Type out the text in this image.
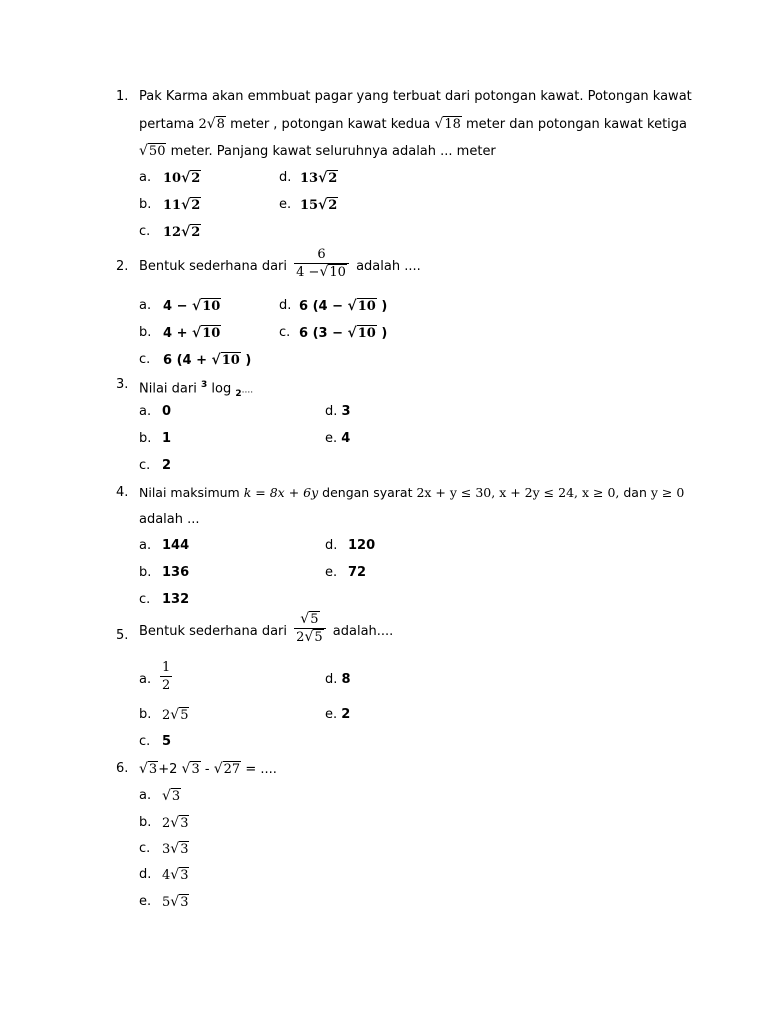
1. Pak Karma akan emmbuat pagar yang terbuat dari potongan kawat. Potongan kawat
pertama 2√8 meter , potongan kawat kedua √18 meter dan potongan kawat ketiga
√50 meter. Panjang kawat seluruhnya adalah ... meter
a. 10√2	d. 13√2
b. 11√2	e. 15√2
c. 12√2
2. Bentuk sederhana dari $\frac{6}{4 -√10}$ adalah ....
a. 4 − √10	d. 6 (4 − √10 )
b. 4 + √10	c. 6 (3 − √10 )
c. 6 (4 + √10 )
3. Nilai dari $^3$ log $_2$....
a. 0	d. 3
b. 1	e. 4
c. 2
4. Nilai maksimum k = 8x + 6y dengan syarat 2x + y ≤ 30, x + 2y ≤ 24, x ≥ 0, dan y ≥ 0
adalah ...
a. 144	d. 120
b. 136	e. 72
c. 132
5. Bentuk sederhana dari $\frac{√5}{2√5}$ adalah....
a. $\frac{1}{2}$	d. 8
b. 2√5	e. 2
c. 5
6. √3+2 √3 - √27 = ....
a. √3
b. 2√3
c. 3√3
d. 4√3
e. 5√3
